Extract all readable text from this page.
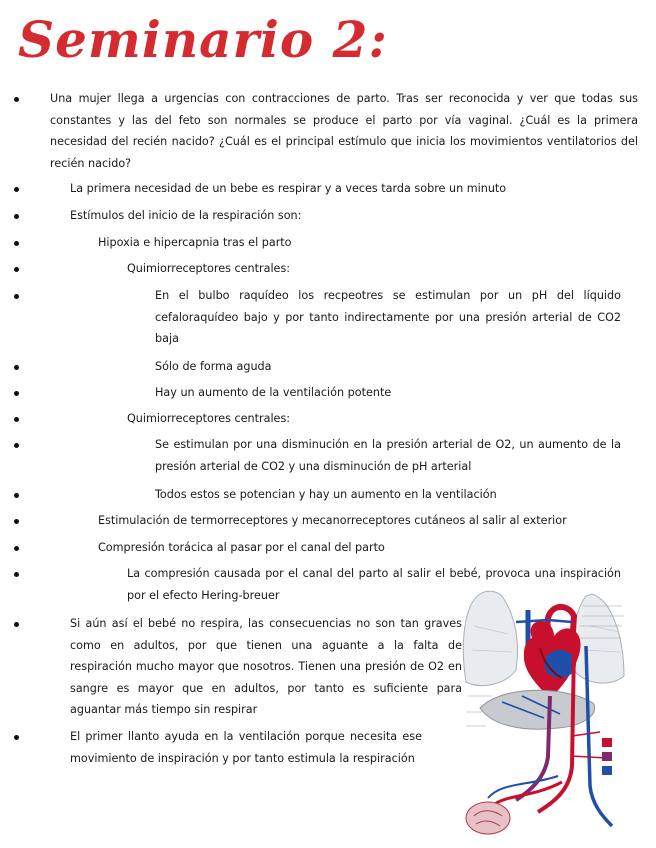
Seminario 2:
Una mujer llega a urgencias con contracciones de parto. Tras ser reconocida y ver que todas sus constantes y las del feto son normales se produce el parto por vía vaginal. ¿Cuál es la primera necesidad del recién nacido? ¿Cuál es el principal estímulo que inicia los movimientos ventilatorios del recién nacido?
La primera necesidad de un bebe es respirar y a veces tarda sobre un minuto
Estímulos del inicio de la respiración son:
Hipoxia e hipercapnia tras el parto
Quimiorreceptores centrales:
En el bulbo raquídeo los recpeotres se estimulan por un pH del líquido cefaloraquídeo bajo y por tanto indirectamente por una presión arterial de CO2 baja
Sólo de forma aguda
Hay un aumento de la ventilación potente
Quimiorreceptores centrales:
Se estimulan por una disminución en la presión arterial de O2, un aumento de la presión arterial de CO2 y una disminución de pH arterial
Todos estos se potencian y hay un aumento en la ventilación
Estimulación de termorreceptores y mecanorreceptores cutáneos al salir al exterior
Compresión torácica al pasar por el canal del parto
La compresión causada por el canal del parto al salir el bebé, provoca una inspiración por el efecto Hering-breuer
Si aún así el bebé no respira, las consecuencias no son tan graves como en adultos, por que tienen una aguante a la falta de respiración mucho mayor que nosotros. Tienen una presión de O2 en sangre es mayor que en adultos, por tanto es suficiente para aguantar más tiempo sin respirar
El primer llanto ayuda en la ventilación porque necesita ese movimiento de inspiración y por tanto estimula la respiración
